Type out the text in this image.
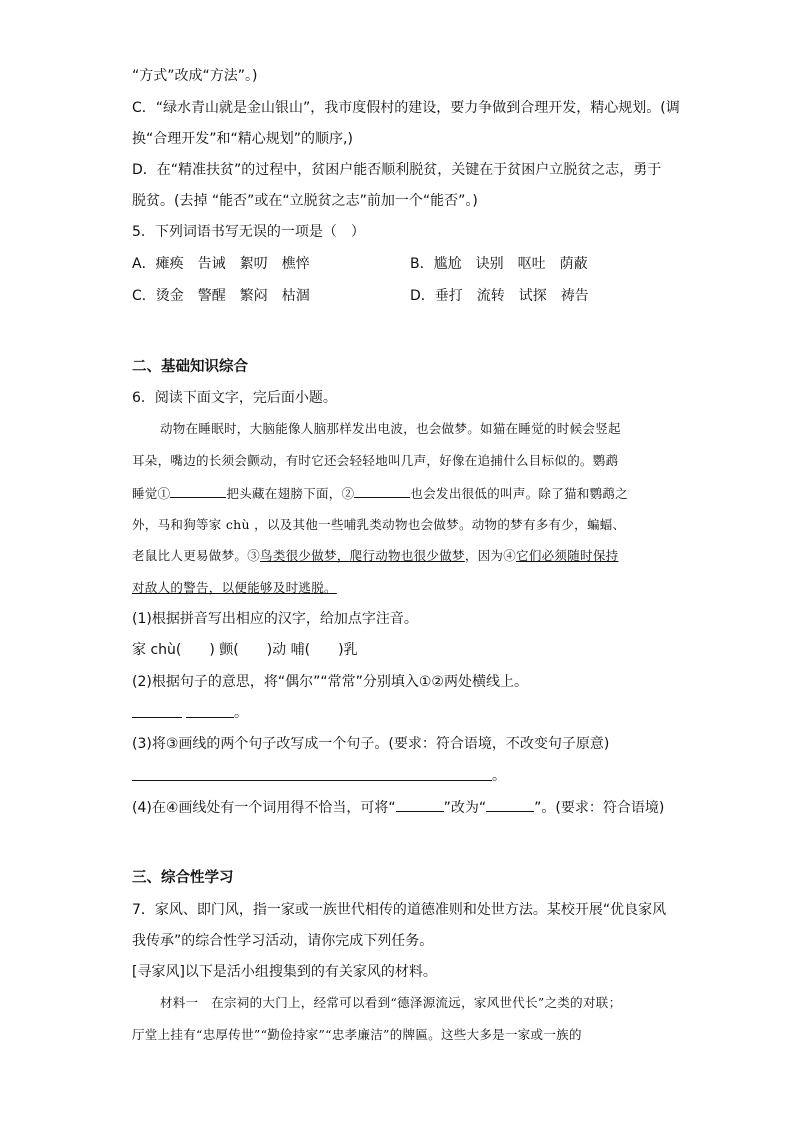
“方式”改成“方法”。)
C．“绿水青山就是金山银山”，我市度假村的建设，要力争做到合理开发，精心规划。(调
换“合理开发”和“精心规划”的顺序,)
D．在“精准扶贫”的过程中，贫困户能否顺利脱贫，关键在于贫困户立脱贫之志，勇于
脱贫。(去掉 “能否”或在“立脱贫之志”前加一个“能否”。)
5．下列词语书写无误的一项是（　）
A．瘫痪　告诫　絮叨　樵悴	B．尴尬　诀别　呕吐　荫蔽
C．烫金　警醒　繁闷　枯涸	D．垂打　流转　试探　祷告
二、基础知识综合
6．阅读下面文字，完后面小题。
动物在睡眠时，大脑能像人脑那样发出电波，也会做梦。如猫在睡觉的时候会竖起
耳朵，嘴边的长须会颤动，有时它还会轻轻地叫几声，好像在追捕什么目标似的。鹦鹉
睡觉①	把头藏在翅膀下面，②	也会发出很低的叫声。除了猫和鹦鹉之
外，马和狗等家 chù ，以及其他一些哺乳类动物也会做梦。动物的梦有多有少，蝙蝠、
老鼠比人更易做梦。③鸟类很少做梦，爬行动物也很少做梦，因为④它们必须随时保持
对敌人的警告，以便能够及时逃脱。
(1)根据拼音写出相应的汉字，给加点字注音。
家 chù(　　) 颤(　　)动 哺(　　)乳
(2)根据句子的意思，将“偶尔”“常常”分别填入①②两处横线上。
。
(3)将③画线的两个句子改写成一个句子。(要求：符合语境，不改变句子原意)
。
(4)在④画线处有一个词用得不恰当，可将“	”改为“	”。(要求：符合语境)
三、综合性学习
7．家风、即门风，指一家或一族世代相传的道德准则和处世方法。某校开展“优良家风
我传承”的综合性学习活动，请你完成下列任务。
[寻家风]以下是活小组搜集到的有关家风的材料。
材料一　在宗祠的大门上，经常可以看到“德泽源流远，家风世代长”之类的对联；
厅堂上挂有“忠厚传世”“勤俭持家”“忠孝廉洁”的牌匾。这些大多是一家或一族的
